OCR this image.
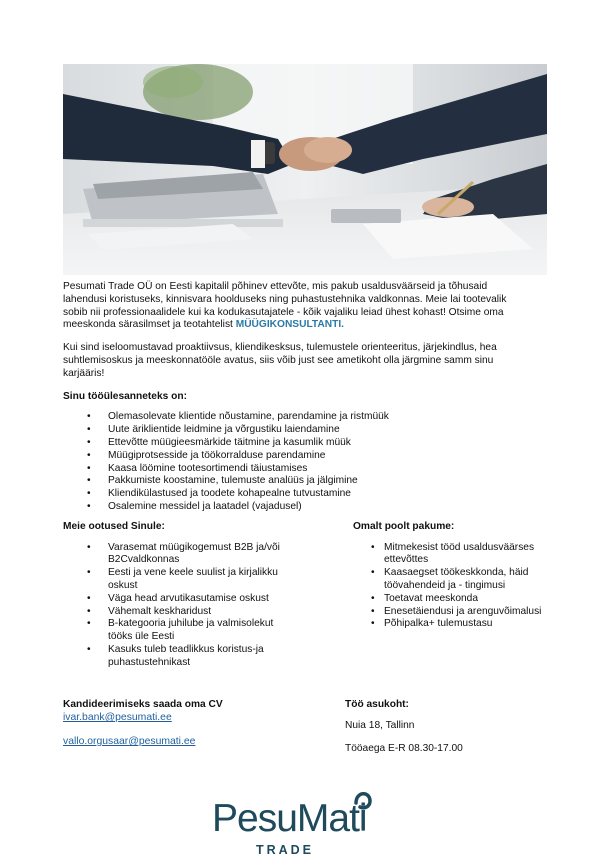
Pesumati Trade OÜ on Eesti kapitalil põhinev ettevõte, mis pakub usaldusväärseid ja tõhusaid lahendusi koristuseks, kinnisvara hoolduseks ning puhastustehnika valdkonnas. Meie lai tootevalik sobib nii professionaalidele kui ka kodukasutajatele - kõik vajaliku leiad ühest kohast! Otsime oma meeskonda särasilmset ja teotahtelist MÜÜGIKONSULTANTI.

Kui sind iseloomustavad proaktiivsus, kliendikesksus, tulemustele orienteeritus, järjekindlus, hea suhtlemisoskus ja meeskonnatööle avatus, siis võib just see ametikoht olla järgmine samm sinu karjääris!

Sinu tööülesanneteks on:
• Olemasolevate klientide nõustamine, parendamine ja ristmüük
• Uute äriklientide leidmine ja võrgustiku laiendamine
• Ettevõtte müügieesmärkide täitmine ja kasumlik müük
• Müügiprotsesside ja töökorralduse parendamine
• Kaasa löömine tootesortimendi täiustamises
• Pakkumiste koostamine, tulemuste analüüs ja jälgimine
• Kliendikülastused ja toodete kohapealne tutvustamine
• Osalemine messidel ja laatadel (vajadusel)
Meie ootused Sinule:
• Varasemat müügikogemust B2B ja/või B2Cvaldkonnas
• Eesti ja vene keele suulist ja kirjalikku oskust
• Väga head arvutikasutamise oskust
• Vähemalt keskharidust
• B-kategooria juhilube ja valmisolekut tööks üle Eesti
• Kasuks tuleb teadlikkus koristus-ja puhastustehnikast
Omalt poolt pakume:
• Mitmekesist tööd usaldusväärses ettevõttes
• Kaasaegset töökeskkonda, häid töövahendeid ja - tingimusi
• Toetavat meeskonda
• Enesetäiendusi ja arenguvõimalusi
• Põhipalka+ tulemustasu
Kandideerimiseks saada oma CV
ivar.bank@pesumati.ee
vallo.orgusaar@pesumati.ee
Töö asukoht:
Nuia 18, Tallinn
Tööaega E-R 08.30-17.00
PesuMati
TRADE
